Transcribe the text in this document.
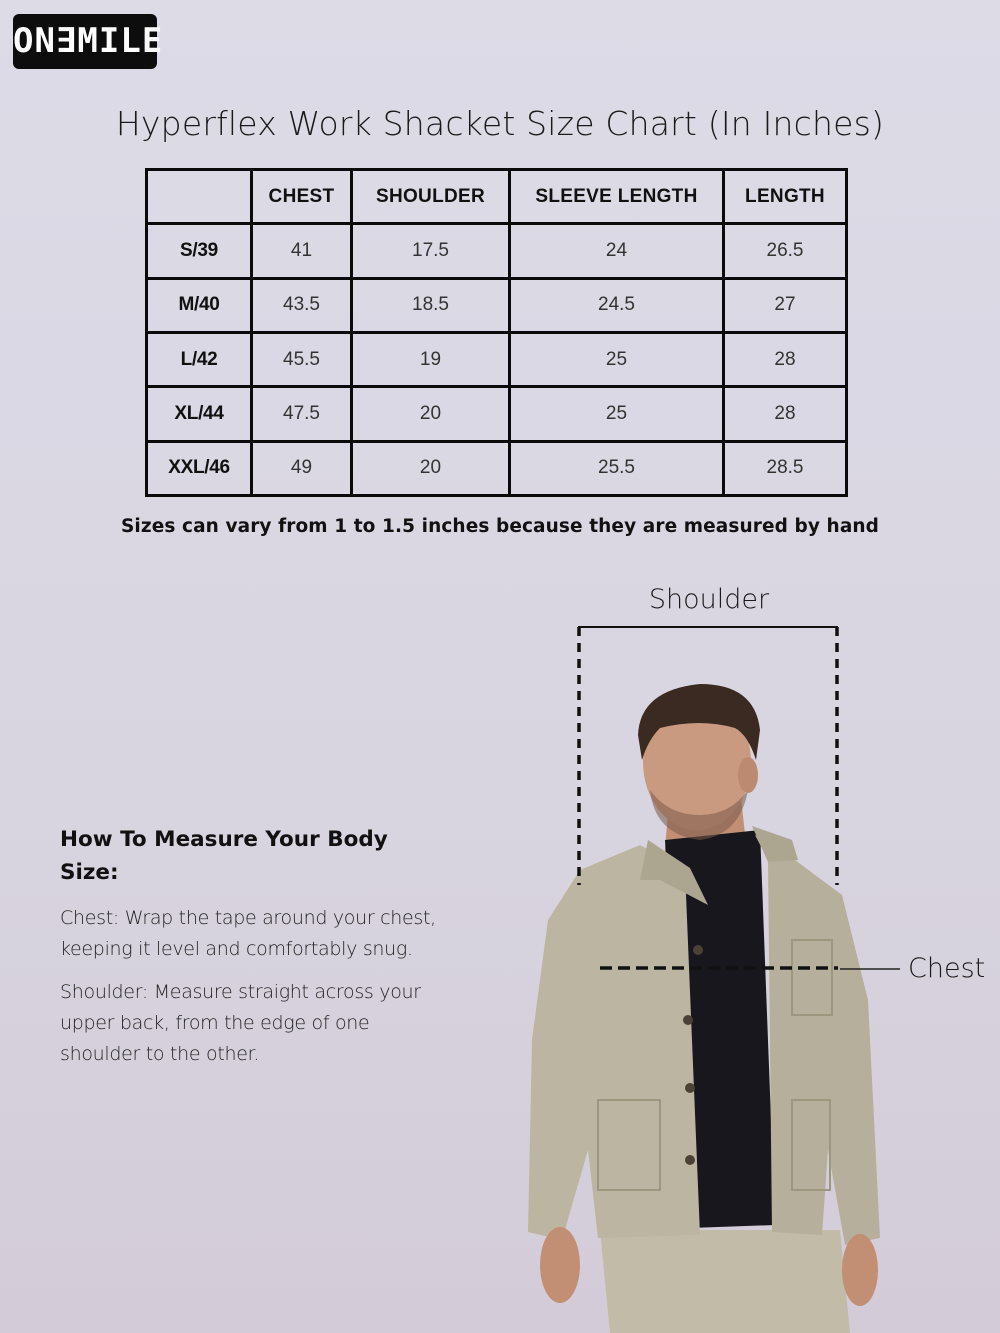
ON∃MILE
Hyperflex Work Shacket Size Chart (In Inches)
	CHEST	SHOULDER	SLEEVE LENGTH	LENGTH
S/39	41	17.5	24	26.5
M/40	43.5	18.5	24.5	27
L/42	45.5	19	25	28
XL/44	47.5	20	25	28
XXL/46	49	20	25.5	28.5
Sizes can vary from 1 to 1.5 inches because they are measured by hand
How To Measure Your Body Size:

Chest: Wrap the tape around your chest, keeping it level and comfortably snug.

Shoulder: Measure straight across your upper back, from the edge of one shoulder to the other.

Shoulder
Chest
